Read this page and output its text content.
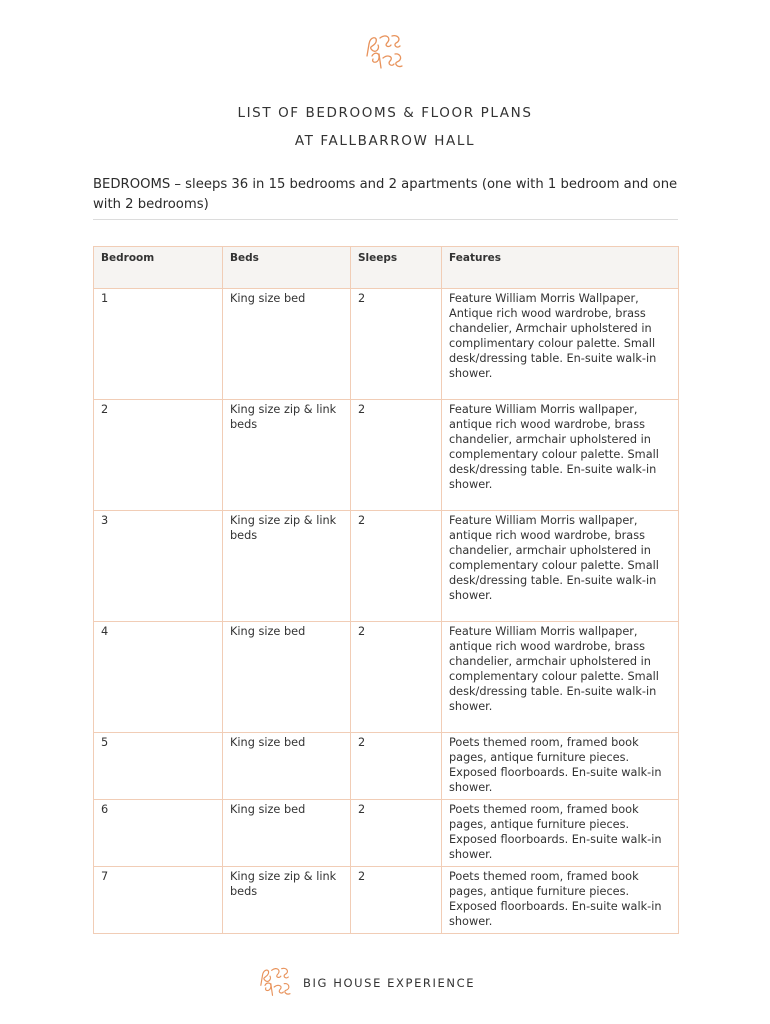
LIST OF BEDROOMS & FLOOR PLANS
AT FALLBARROW HALL
BEDROOMS – sleeps 36 in 15 bedrooms and 2 apartments (one with 1 bedroom and one with 2 bedrooms)
Bedroom	Beds	Sleeps	Features
1	King size bed	2	Feature William Morris Wallpaper, Antique rich wood wardrobe, brass chandelier, Armchair upholstered in complimentary colour palette. Small desk/dressing table. En-suite walk-in shower.
2	King size zip & link beds	2	Feature William Morris wallpaper, antique rich wood wardrobe, brass chandelier, armchair upholstered in complementary colour palette. Small desk/dressing table. En-suite walk-in shower.
3	King size zip & link beds	2	Feature William Morris wallpaper, antique rich wood wardrobe, brass chandelier, armchair upholstered in complementary colour palette. Small desk/dressing table. En-suite walk-in shower.
4	King size bed	2	Feature William Morris wallpaper, antique rich wood wardrobe, brass chandelier, armchair upholstered in complementary colour palette. Small desk/dressing table. En-suite walk-in shower.
5	King size bed	2	Poets themed room, framed book pages, antique furniture pieces. Exposed floorboards. En-suite walk-in shower.
6	King size bed	2	Poets themed room, framed book pages, antique furniture pieces. Exposed floorboards. En-suite walk-in shower.
7	King size zip & link beds	2	Poets themed room, framed book pages, antique furniture pieces. Exposed floorboards. En-suite walk-in shower.
BIG HOUSE EXPERIENCE
